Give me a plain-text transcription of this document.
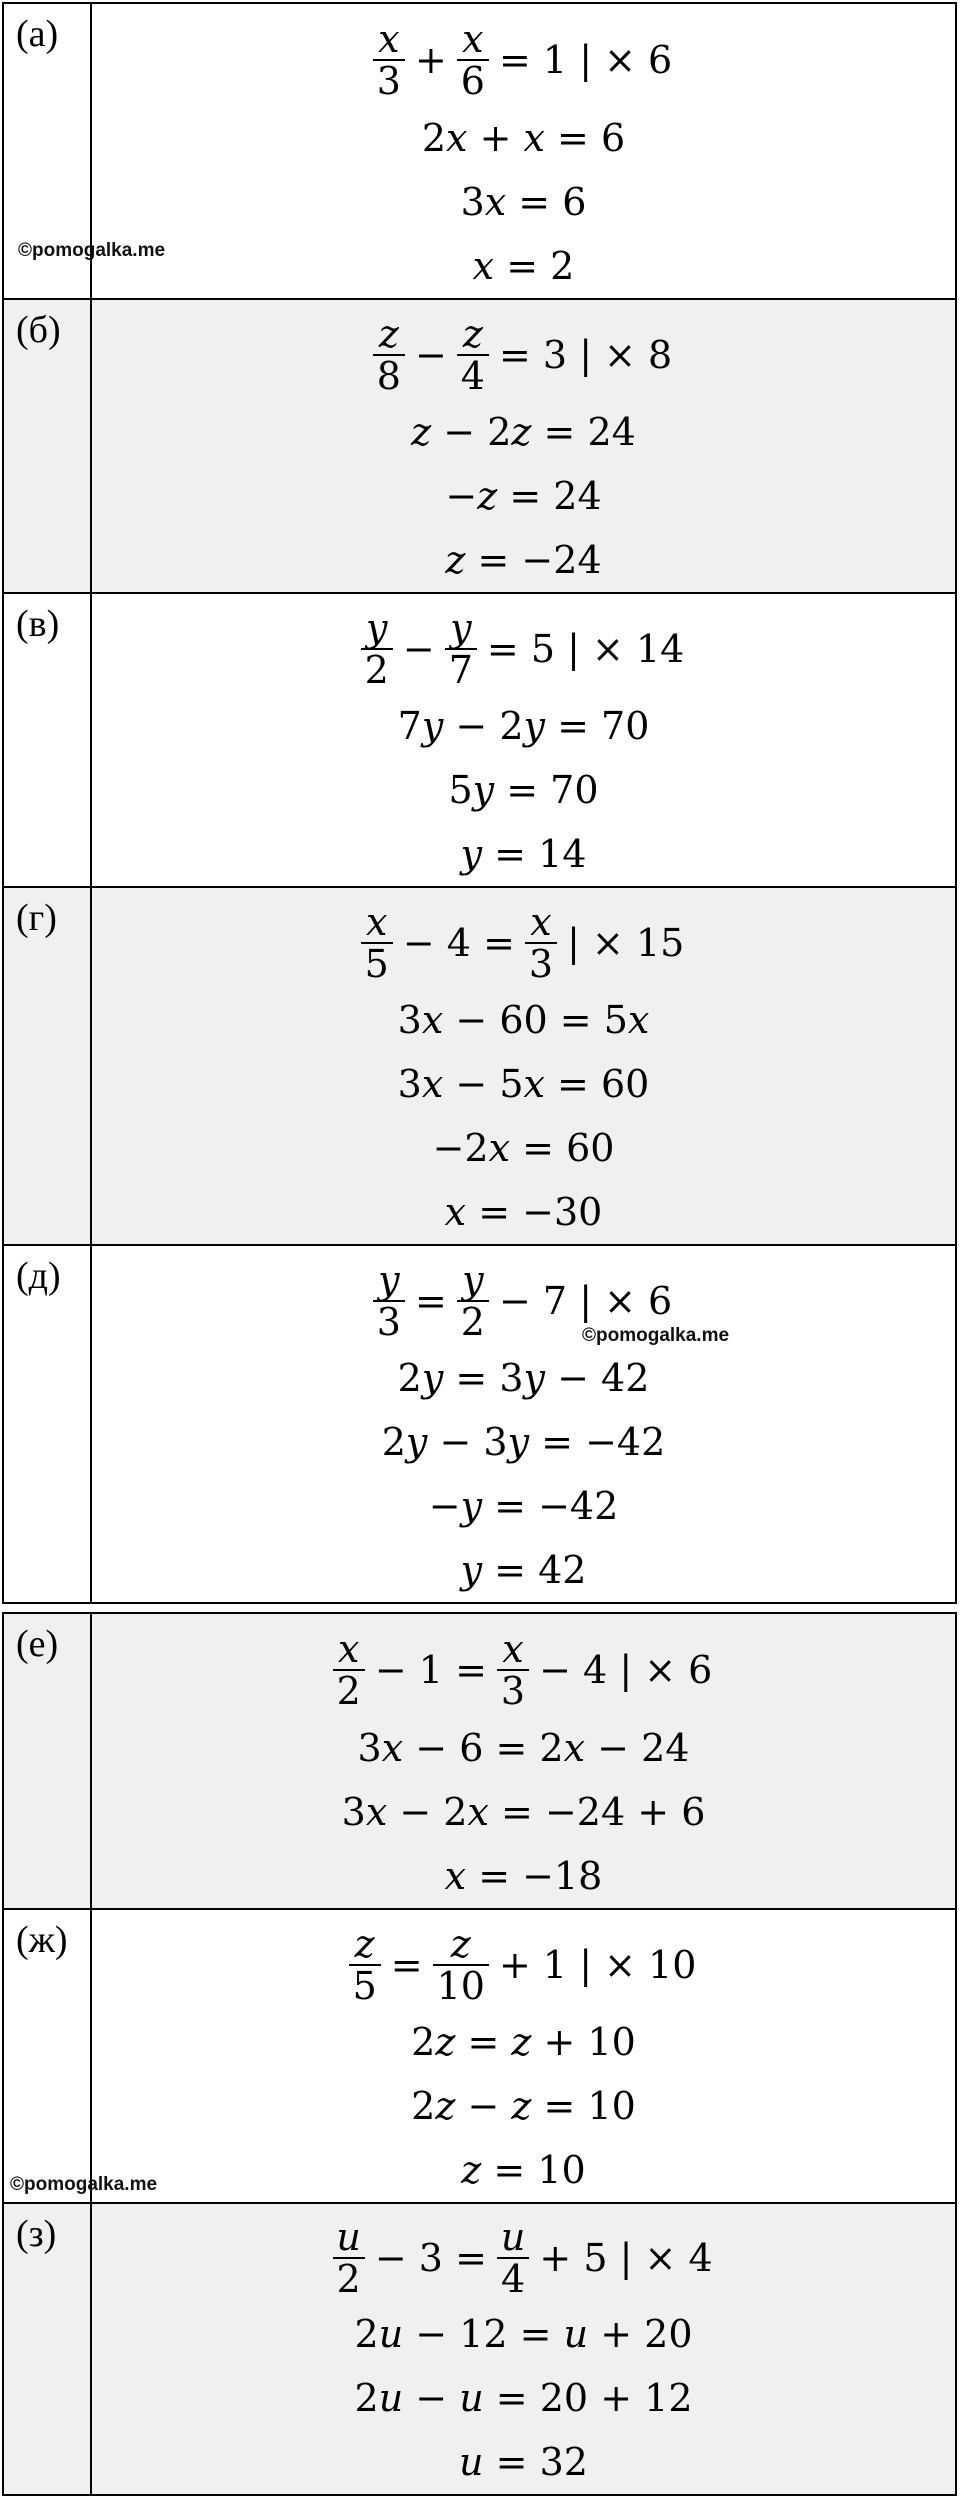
(а)	$\frac{x}{3} + \frac{x}{6} = 1$ | × 6
2x + x = 6
3x = 6
x = 2
(б)	$\frac{z}{8} - \frac{z}{4} = 3$ | × 8
z − 2z = 24
−z = 24
z = −24
(в)	$\frac{y}{2} - \frac{y}{7} = 5$ | × 14
7y − 2y = 70
5y = 70
y = 14
(г)	$\frac{x}{5} - 4 = \frac{x}{3}$ | × 15
3x − 60 = 5x
3x − 5x = 60
−2x = 60
x = −30
(д)	$\frac{y}{3} = \frac{y}{2} - 7$ | × 6
2y = 3y − 42
2y − 3y = −42
−y = −42
y = 42
(е)	$\frac{x}{2} - 1 = \frac{x}{3} - 4$ | × 6
3x − 6 = 2x − 24
3x − 2x = −24 + 6
x = −18
(ж)	$\frac{z}{5} = \frac{z}{10} + 1$ | × 10
2z = z + 10
2z − z = 10
z = 10
(з)	$\frac{u}{2} - 3 = \frac{u}{4} + 5$ | × 4
2u − 12 = u + 20
2u − u = 20 + 12
u = 32
©pomogalka.me
©pomogalka.me
©pomogalka.me
